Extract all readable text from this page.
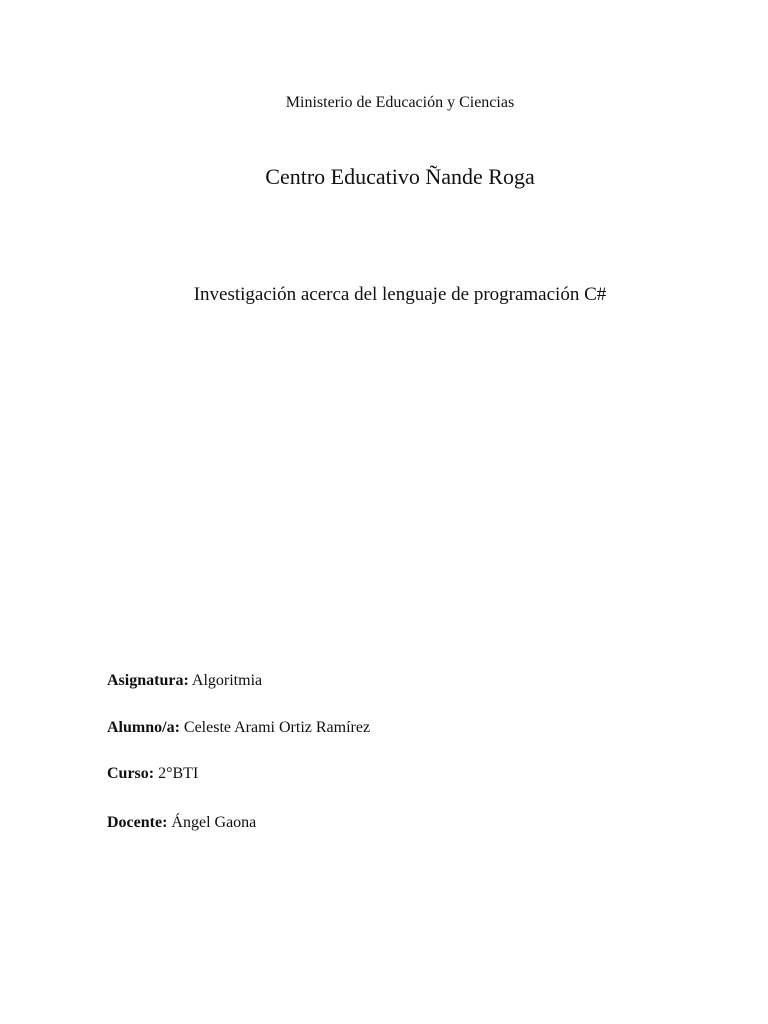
Ministerio de Educación y Ciencias
Centro Educativo Ñande Roga
Investigación acerca del lenguaje de programación C#
Asignatura: Algoritmia
Alumno/a: Celeste Arami Ortiz Ramírez
Curso: 2°BTI
Docente: Ángel Gaona
